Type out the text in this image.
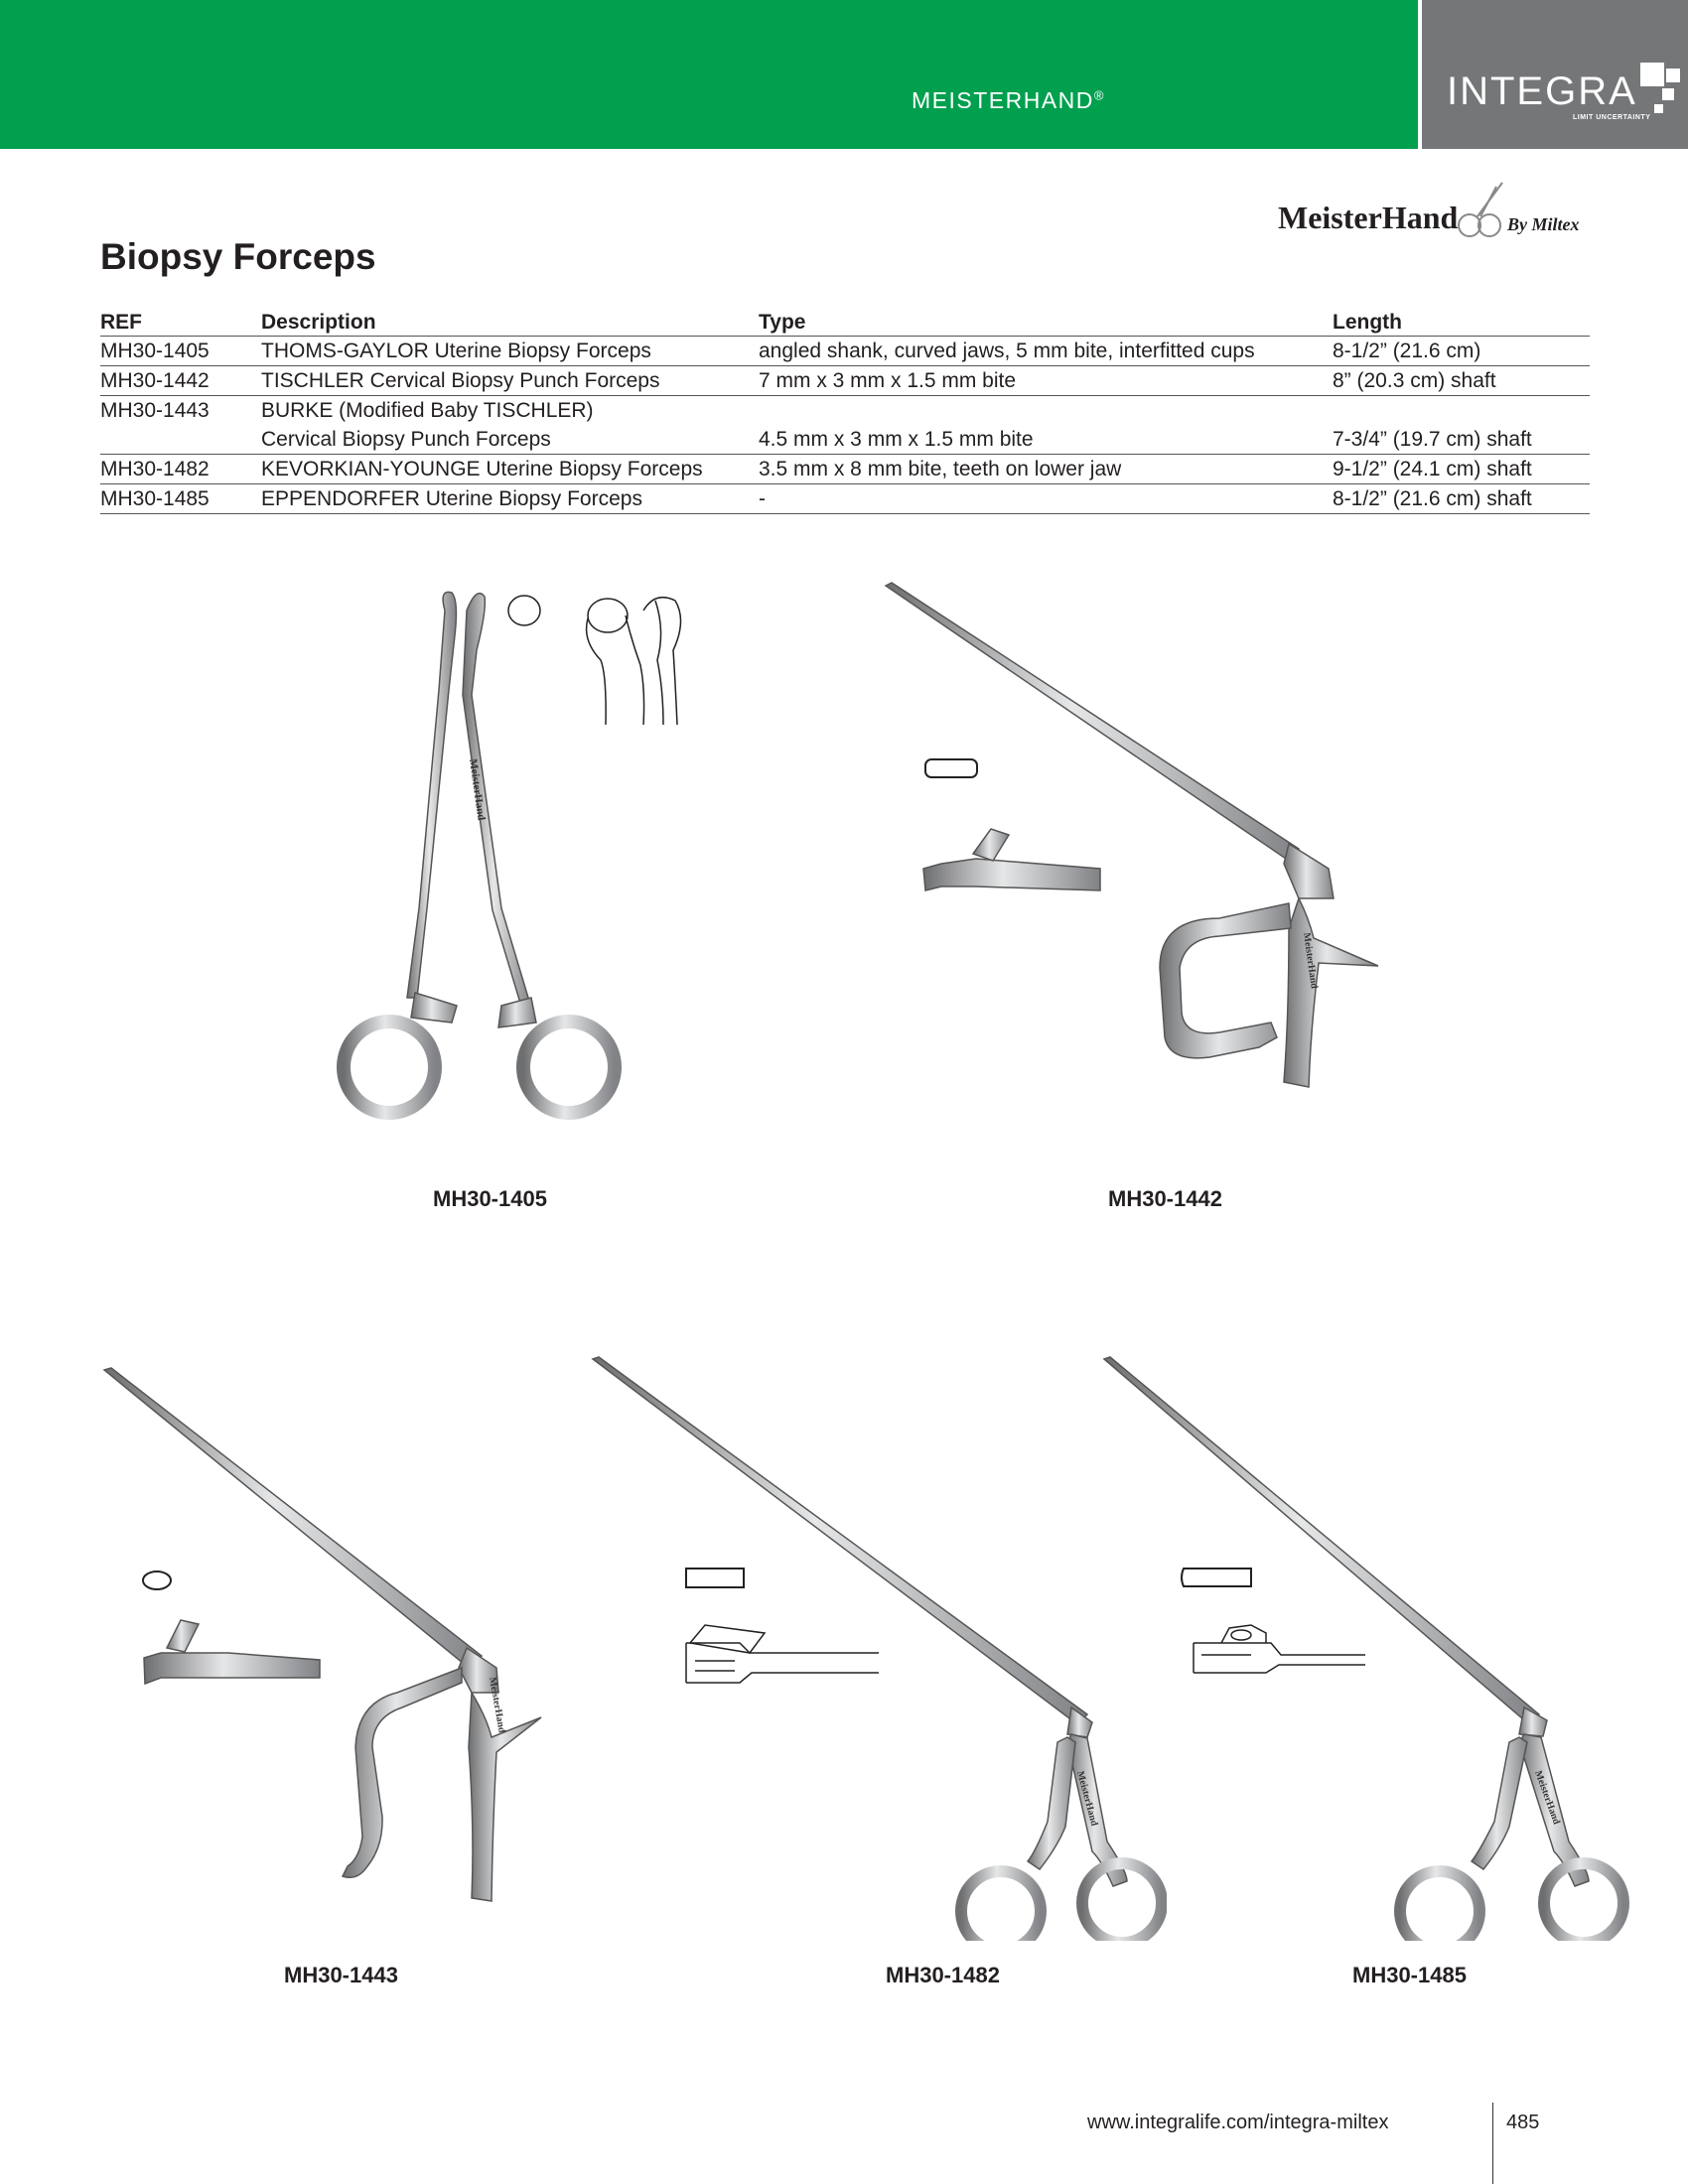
MEISTERHAND®	INTEGRA
LIMIT UNCERTAINTY
Biopsy Forceps
MeisterHand	By Miltex
REF	Description	Type	Length
MH30-1405	THOMS-GAYLOR Uterine Biopsy Forceps	angled shank, curved jaws, 5 mm bite, interfitted cups	8-1/2” (21.6 cm)
MH30-1442	TISCHLER Cervical Biopsy Punch Forceps	7 mm x 3 mm x 1.5 mm bite	8” (20.3 cm) shaft
MH30-1443	BURKE (Modified Baby TISCHLER)		
	Cervical Biopsy Punch Forceps	4.5 mm x 3 mm x 1.5 mm bite	7-3/4” (19.7 cm) shaft
MH30-1482	KEVORKIAN-YOUNGE Uterine Biopsy Forceps	3.5 mm x 8 mm bite, teeth on lower jaw	9-1/2” (24.1 cm) shaft
MH30-1485	EPPENDORFER Uterine Biopsy Forceps	-	8-1/2” (21.6 cm) shaft
MeisterHand
MH30-1405
MeisterHand
MH30-1442
MeisterHand
MH30-1443
MeisterHand
MH30-1482
MeisterHand
MH30-1485
www.integralife.com/integra-miltex	485
